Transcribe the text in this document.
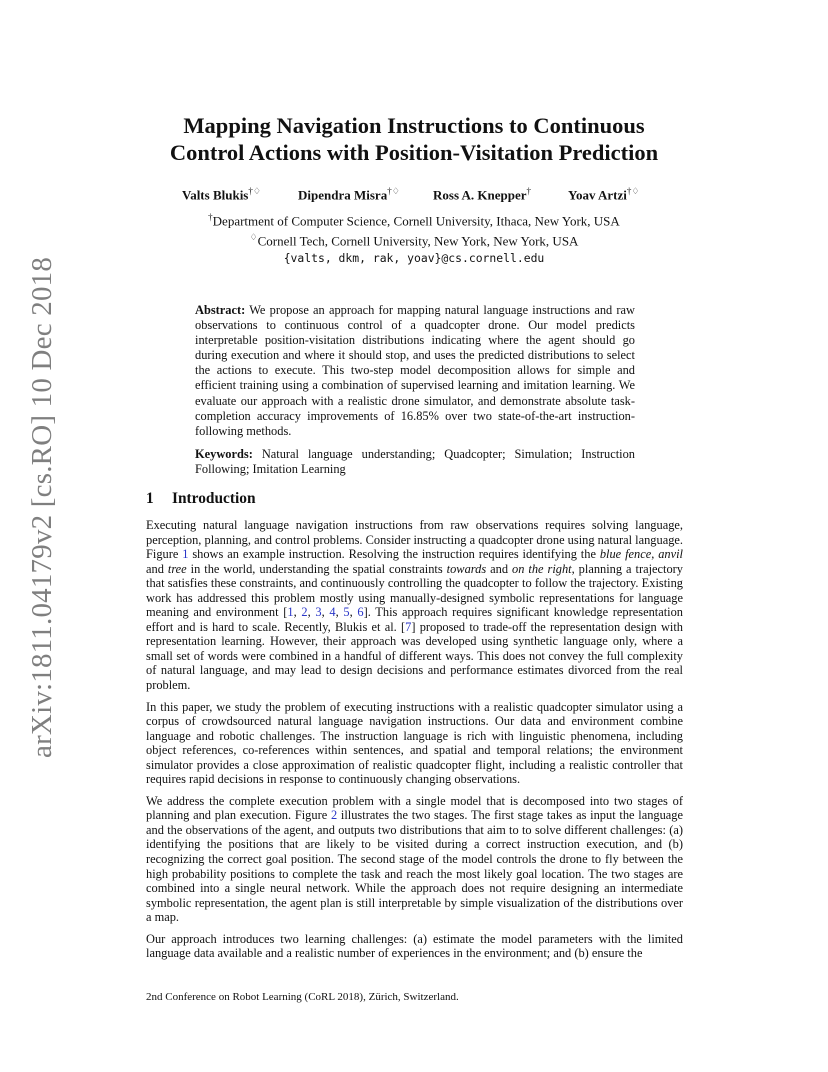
arXiv:1811.04179v2 [cs.RO] 10 Dec 2018
Mapping Navigation Instructions to Continuous
Control Actions with Position-Visitation Prediction
Valts Blukis†♢	Dipendra Misra†♢	Ross A. Knepper†	Yoav Artzi†♢
†Department of Computer Science, Cornell University, Ithaca, New York, USA
♢Cornell Tech, Cornell University, New York, New York, USA
{valts, dkm, rak, yoav}@cs.cornell.edu
Abstract: We propose an approach for mapping natural language instructions and raw observations to continuous control of a quadcopter drone. Our model predicts interpretable position-visitation distributions indicating where the agent should go during execution and where it should stop, and uses the predicted distributions to select the actions to execute. This two-step model decomposition allows for simple and efficient training using a combination of supervised learning and imitation learning. We evaluate our approach with a realistic drone simulator, and demonstrate absolute task-completion accuracy improvements of 16.85% over two state-of-the-art instruction-following methods.
Keywords: Natural language understanding; Quadcopter; Simulation; Instruction Following; Imitation Learning
1 Introduction

Executing natural language navigation instructions from raw observations requires solving language, perception, planning, and control problems. Consider instructing a quadcopter drone using natural language. Figure 1 shows an example instruction. Resolving the instruction requires identifying the blue fence, anvil and tree in the world, understanding the spatial constraints towards and on the right, planning a trajectory that satisfies these constraints, and continuously controlling the quadcopter to follow the trajectory. Existing work has addressed this problem mostly using manually-designed symbolic representations for language meaning and environment [1, 2, 3, 4, 5, 6]. This approach requires significant knowledge representation effort and is hard to scale. Recently, Blukis et al. [7] proposed to trade-off the representation design with representation learning. However, their approach was developed using synthetic language only, where a small set of words were combined in a handful of different ways. This does not convey the full complexity of natural language, and may lead to design decisions and performance estimates divorced from the real problem.

In this paper, we study the problem of executing instructions with a realistic quadcopter simulator using a corpus of crowdsourced natural language navigation instructions. Our data and environment combine language and robotic challenges. The instruction language is rich with linguistic phenomena, including object references, co-references within sentences, and spatial and temporal relations; the environment simulator provides a close approximation of realistic quadcopter flight, including a realistic controller that requires rapid decisions in response to continuously changing observations.

We address the complete execution problem with a single model that is decomposed into two stages of planning and plan execution. Figure 2 illustrates the two stages. The first stage takes as input the language and the observations of the agent, and outputs two distributions that aim to to solve different challenges: (a) identifying the positions that are likely to be visited during a correct instruction execution, and (b) recognizing the correct goal position. The second stage of the model controls the drone to fly between the high probability positions to complete the task and reach the most likely goal location. The two stages are combined into a single neural network. While the approach does not require designing an intermediate symbolic representation, the agent plan is still interpretable by simple visualization of the distributions over a map.

Our approach introduces two learning challenges: (a) estimate the model parameters with the limited language data available and a realistic number of experiences in the environment; and (b) ensure the

2nd Conference on Robot Learning (CoRL 2018), Zürich, Switzerland.
